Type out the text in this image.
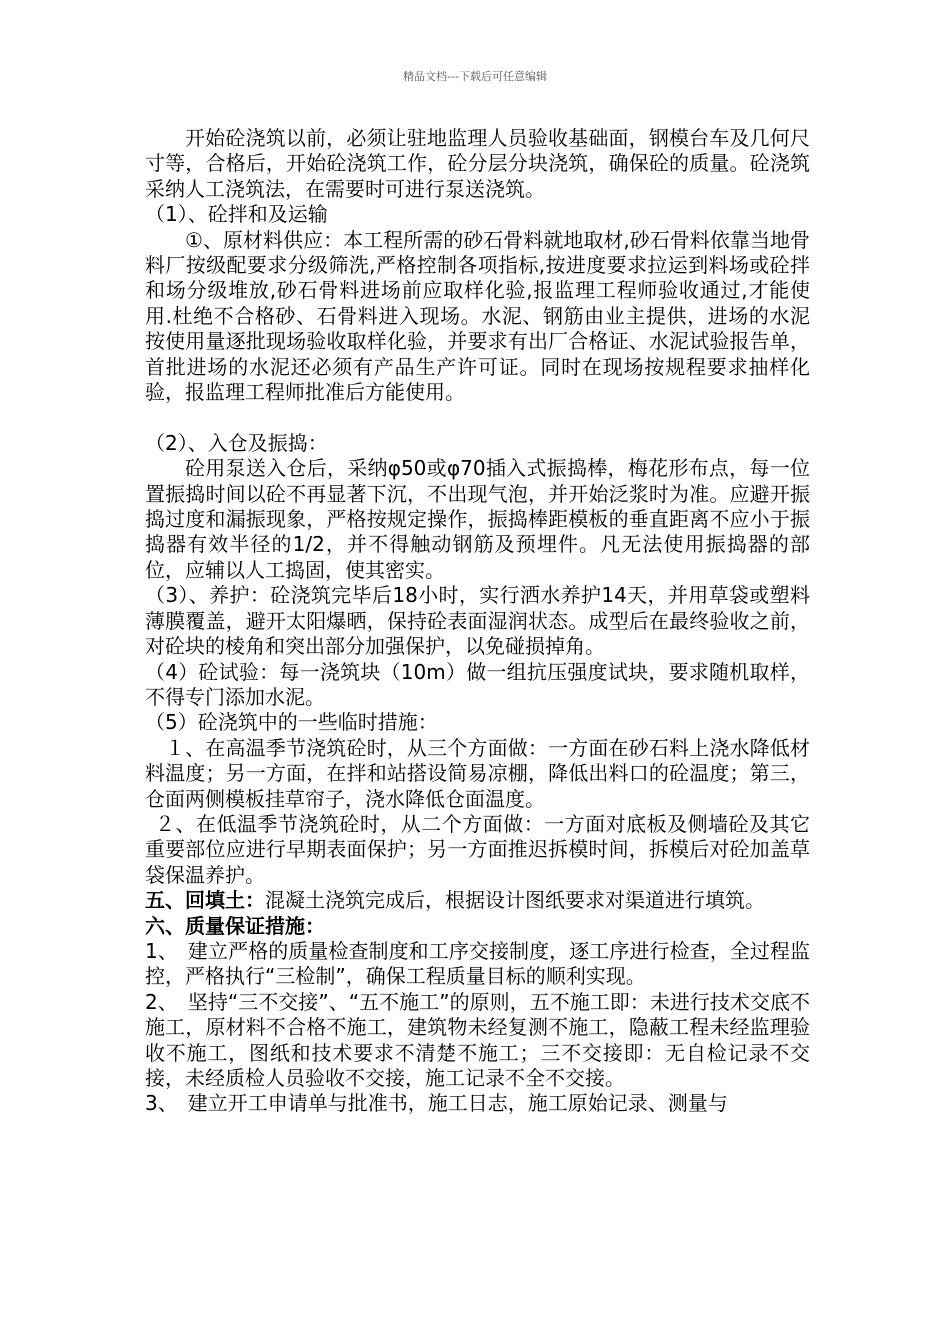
精品文档---下载后可任意编辑

开始砼浇筑以前，必须让驻地监理人员验收基础面，钢模台车及几何尺寸等，合格后，开始砼浇筑工作，砼分层分块浇筑，确保砼的质量。砼浇筑采纳人工浇筑法，在需要时可进行泵送浇筑。

（1）、砼拌和及运输

①、原材料供应：本工程所需的砂石骨料就地取材,砂石骨料依靠当地骨料厂按级配要求分级筛洗,严格控制各项指标,按进度要求拉运到料场或砼拌和场分级堆放,砂石骨料进场前应取样化验,报监理工程师验收通过,才能使用.杜绝不合格砂、石骨料进入现场。水泥、钢筋由业主提供，进场的水泥按使用量逐批现场验收取样化验，并要求有出厂合格证、水泥试验报告单，首批进场的水泥还必须有产品生产许可证。同时在现场按规程要求抽样化验，报监理工程师批准后方能使用。

（2）、入仓及振捣：

砼用泵送入仓后，采纳φ50或φ70插入式振捣棒，梅花形布点，每一位置振捣时间以砼不再显著下沉，不出现气泡，并开始泛浆时为准。应避开振捣过度和漏振现象，严格按规定操作，振捣棒距模板的垂直距离不应小于振捣器有效半径的1/2，并不得触动钢筋及预埋件。凡无法使用振捣器的部位，应辅以人工捣固，使其密实。

（3）、养护：砼浇筑完毕后18小时，实行洒水养护14天，并用草袋或塑料薄膜覆盖，避开太阳爆晒，保持砼表面湿润状态。成型后在最终验收之前，对砼块的棱角和突出部分加强保护，以免碰损掉角。

（4）砼试验：每一浇筑块（10m）做一组抗压强度试块，要求随机取样，不得专门添加水泥。

（5）砼浇筑中的一些临时措施：

１、在高温季节浇筑砼时，从三个方面做：一方面在砂石料上浇水降低材料温度；另一方面，在拌和站搭设简易凉棚，降低出料口的砼温度；第三，仓面两侧模板挂草帘子，浇水降低仓面温度。

２、在低温季节浇筑砼时，从二个方面做：一方面对底板及侧墙砼及其它重要部位应进行早期表面保护；另一方面推迟拆模时间，拆模后对砼加盖草袋保温养护。

五、回填土：混凝土浇筑完成后，根据设计图纸要求对渠道进行填筑。

六、质量保证措施：

1、　建立严格的质量检查制度和工序交接制度，逐工序进行检查，全过程监控，严格执行“三检制”，确保工程质量目标的顺利实现。

2、　坚持“三不交接”、“五不施工”的原则，五不施工即：未进行技术交底不施工，原材料不合格不施工，建筑物未经复测不施工，隐蔽工程未经监理验收不施工，图纸和技术要求不清楚不施工；三不交接即：无自检记录不交接，未经质检人员验收不交接，施工记录不全不交接。

3、　建立开工申请单与批准书，施工日志，施工原始记录、测量与
